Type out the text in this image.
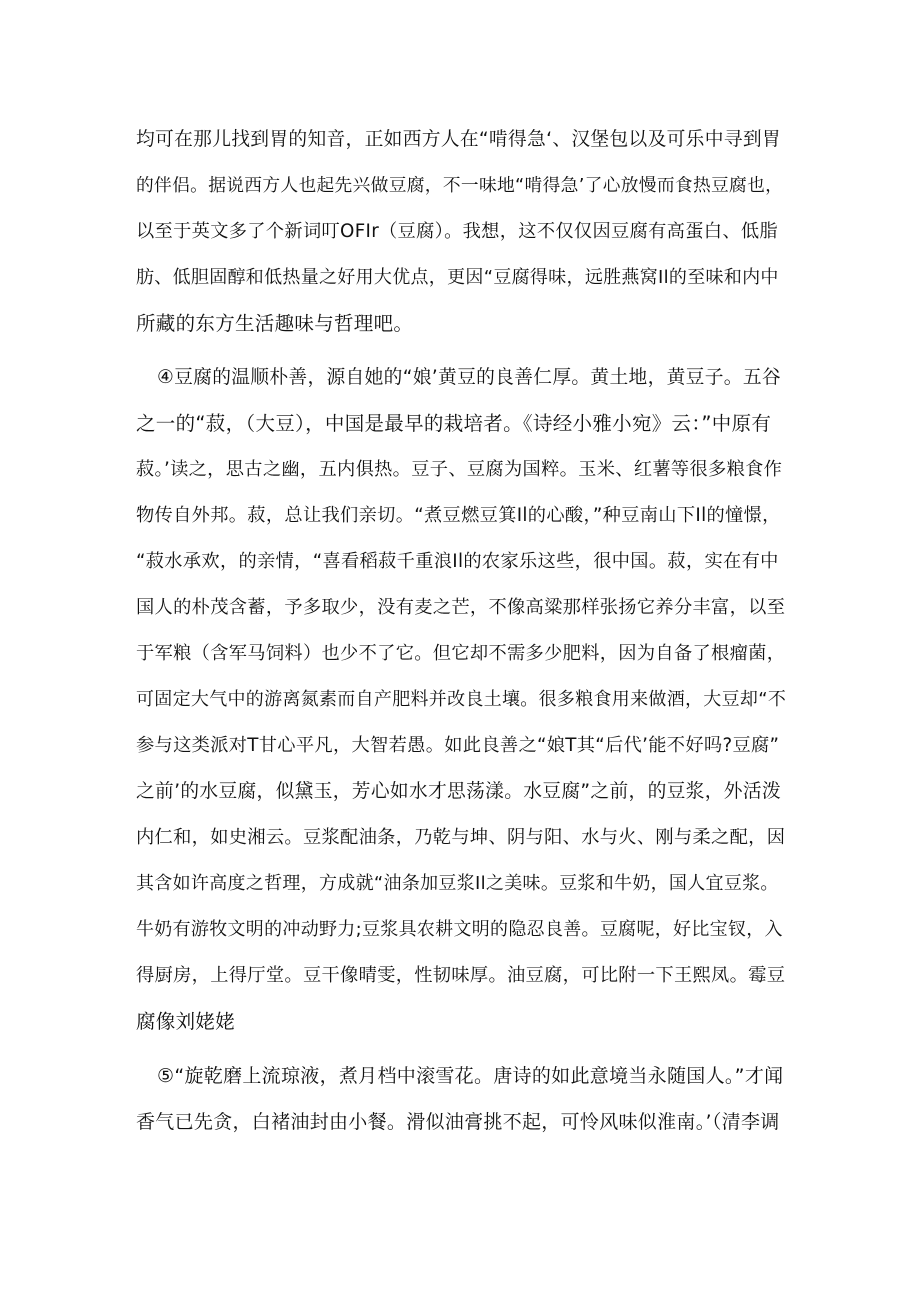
均可在那儿找到胃的知音，正如西方人在“啃得急‘、汉堡包以及可乐中寻到胃
的伴侣。据说西方人也起先兴做豆腐，不一味地“啃得急’了心放慢而食热豆腐也，
以至于英文多了个新词叮OFIr（豆腐）。我想，这不仅仅因豆腐有高蛋白、低脂
肪、低胆固醇和低热量之好用大优点，更因“豆腐得味，远胜燕窝Il的至味和内中
所藏的东方生活趣味与哲理吧。
④豆腐的温顺朴善，源自她的“娘’黄豆的良善仁厚。黄土地，黄豆子。五谷
之一的“菽，（大豆），中国是最早的栽培者。《诗经小雅小宛》云：”中原有
菽。’读之，思古之幽，五内俱热。豆子、豆腐为国粹。玉米、红薯等很多粮食作
物传自外邦。菽，总让我们亲切。“煮豆燃豆箕Il的心酸，”种豆南山下Il的憧憬，
“菽水承欢，的亲情，“喜看稻菽千重浪Il的农家乐这些，很中国。菽，实在有中
国人的朴茂含蓄，予多取少，没有麦之芒，不像高粱那样张扬它养分丰富，以至
于军粮（含军马饲料）也少不了它。但它却不需多少肥料，因为自备了根瘤菌，
可固定大气中的游离氮素而自产肥料并改良土壤。很多粮食用来做酒，大豆却“不
参与这类派对T甘心平凡，大智若愚。如此良善之“娘T其“后代’能不好吗?豆腐”
之前’的水豆腐，似黛玉，芳心如水才思荡漾。水豆腐”之前，的豆浆，外活泼
内仁和，如史湘云。豆浆配油条，乃乾与坤、阴与阳、水与火、刚与柔之配，因
其含如许高度之哲理，方成就“油条加豆浆Il之美味。豆浆和牛奶，国人宜豆浆。
牛奶有游牧文明的冲动野力;豆浆具农耕文明的隐忍良善。豆腐呢，好比宝钗，入
得厨房，上得厅堂。豆干像晴雯，性韧味厚。油豆腐，可比附一下王熙凤。霉豆
腐像刘姥姥
⑤“旋乾磨上流琼液，煮月档中滚雪花。唐诗的如此意境当永随国人。”才闻
香气已先贪，白褚油封由小餐。滑似油膏挑不起，可怜风味似淮南。’（清李调
